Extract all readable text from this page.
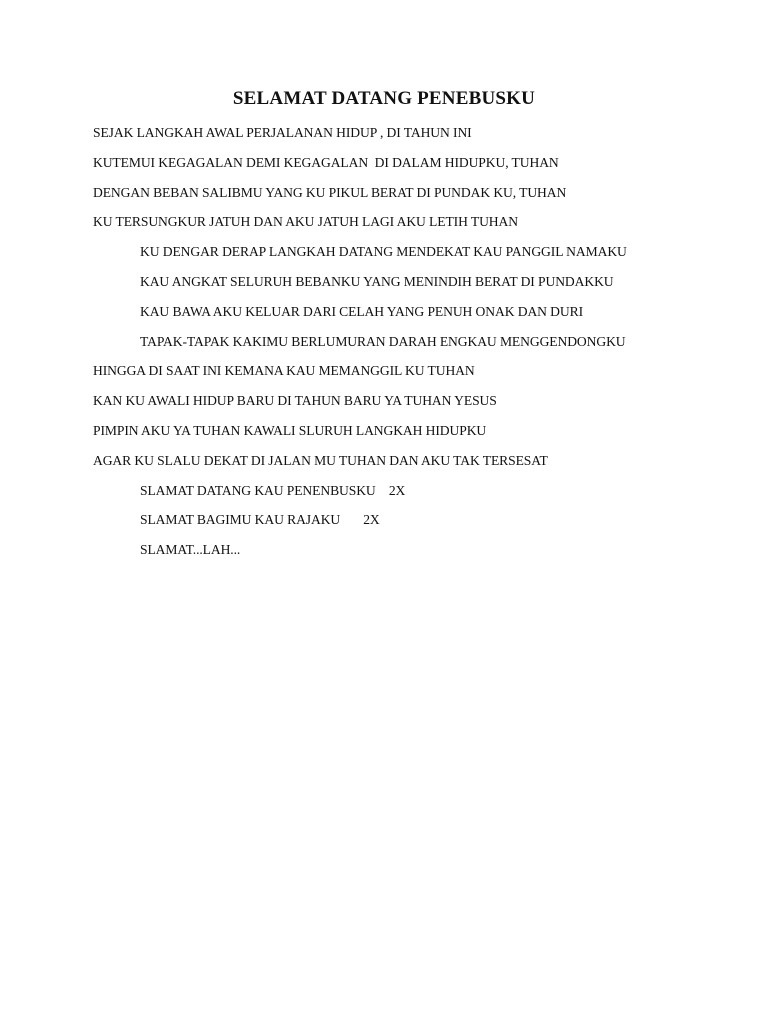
SELAMAT DATANG PENEBUSKU
SEJAK LANGKAH AWAL PERJALANAN HIDUP , DI TAHUN INI
KUTEMUI KEGAGALAN DEMI KEGAGALAN  DI DALAM HIDUPKU, TUHAN
DENGAN BEBAN SALIBMU YANG KU PIKUL BERAT DI PUNDAK KU, TUHAN
KU TERSUNGKUR JATUH DAN AKU JATUH LAGI AKU LETIH TUHAN
KU DENGAR DERAP LANGKAH DATANG MENDEKAT KAU PANGGIL NAMAKU
KAU ANGKAT SELURUH BEBANKU YANG MENINDIH BERAT DI PUNDAKKU
KAU BAWA AKU KELUAR DARI CELAH YANG PENUH ONAK DAN DURI
TAPAK-TAPAK KAKIMU BERLUMURAN DARAH ENGKAU MENGGENDONGKU
HINGGA DI SAAT INI KEMANA KAU MEMANGGIL KU TUHAN
KAN KU AWALI HIDUP BARU DI TAHUN BARU YA TUHAN YESUS
PIMPIN AKU YA TUHAN KAWALI SLURUH LANGKAH HIDUPKU
AGAR KU SLALU DEKAT DI JALAN MU TUHAN DAN AKU TAK TERSESAT
SLAMAT DATANG KAU PENENBUSKU    2X
SLAMAT BAGIMU KAU RAJAKU       2X
SLAMAT...LAH...
